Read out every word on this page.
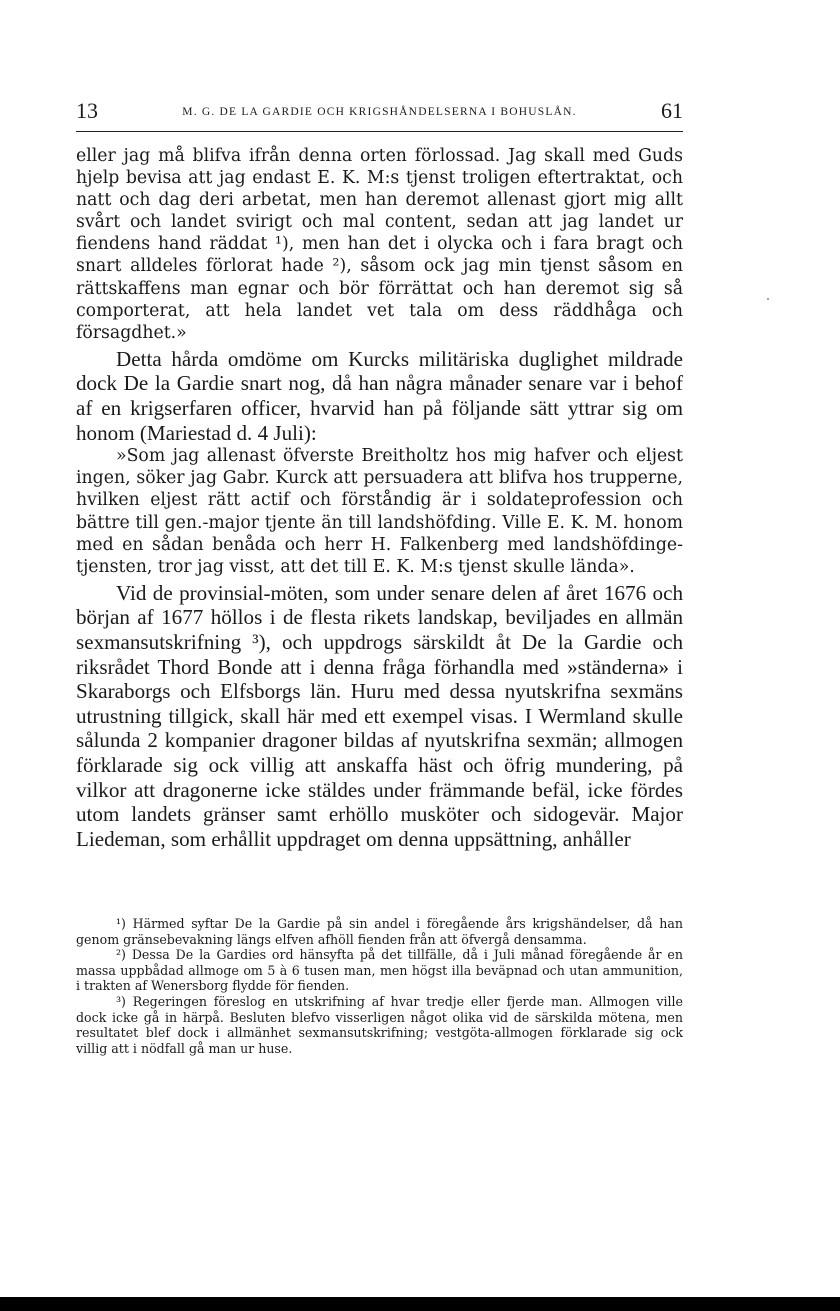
13	M. G. DE LA GARDIE OCH KRIGSHÅNDELSERNA I BOHUSLÅN.	61

eller jag må blifva ifrån denna orten förlossad. Jag skall med Guds hjelp bevisa att jag endast E. K. M:s tjenst troligen eftertraktat, och natt och dag deri arbetat, men han deremot allenast gjort mig allt svårt och landet svirigt och mal content, sedan att jag landet ur fiendens hand räddat ¹), men han det i olycka och i fara bragt och snart alldeles förlorat hade ²), såsom ock jag min tjenst såsom en rättskaffens man egnar och bör förrättat och han deremot sig så comporterat, att hela landet vet tala om dess räddhåga och försagdhet.»

Detta hårda omdöme om Kurcks militäriska duglighet mildrade dock De la Gardie snart nog, då han några månader senare var i behof af en krigserfaren officer, hvarvid han på följande sätt yttrar sig om honom (Mariestad d. 4 Juli):

»Som jag allenast öfverste Breitholtz hos mig hafver och eljest ingen, söker jag Gabr. Kurck att persuadera att blifva hos trupperne, hvilken eljest rätt actif och förståndig är i soldateprofession och bättre till gen.-major tjente än till landshöfding. Ville E. K. M. honom med en sådan benåda och herr H. Falkenberg med landshöfdinge-tjensten, tror jag visst, att det till E. K. M:s tjenst skulle lända».

Vid de provinsial-möten, som under senare delen af året 1676 och början af 1677 höllos i de flesta rikets landskap, beviljades en allmän sexmansutskrifning ³), och uppdrogs särskildt åt De la Gardie och riksrådet Thord Bonde att i denna fråga förhandla med »ständerna» i Skaraborgs och Elfsborgs län. Huru med dessa nyutskrifna sexmäns utrustning tillgick, skall här med ett exempel visas. I Wermland skulle sålunda 2 kompanier dragoner bildas af nyutskrifna sexmän; allmogen förklarade sig ock villig att anskaffa häst och öfrig mundering, på vilkor att dragonerne icke stäldes under främmande befäl, icke fördes utom landets gränser samt erhöllo musköter och sidogevär. Major Liedeman, som erhållit uppdraget om denna uppsättning, anhåller

¹) Härmed syftar De la Gardie på sin andel i föregående års krigshändelser, då han genom gränsebevakning längs elfven afhöll fienden från att öfvergå densamma.

²) Dessa De la Gardies ord hänsyfta på det tillfälle, då i Juli månad föregående år en massa uppbådad allmoge om 5 à 6 tusen man, men högst illa beväpnad och utan ammunition, i trakten af Wenersborg flydde för fienden.

³) Regeringen föreslog en utskrifning af hvar tredje eller fjerde man. Allmogen ville dock icke gå in härpå. Besluten blefvo visserligen något olika vid de särskilda mötena, men resultatet blef dock i allmänhet sexmansutskrifning; vestgöta-allmogen förklarade sig ock villig att i nödfall gå man ur huse.
